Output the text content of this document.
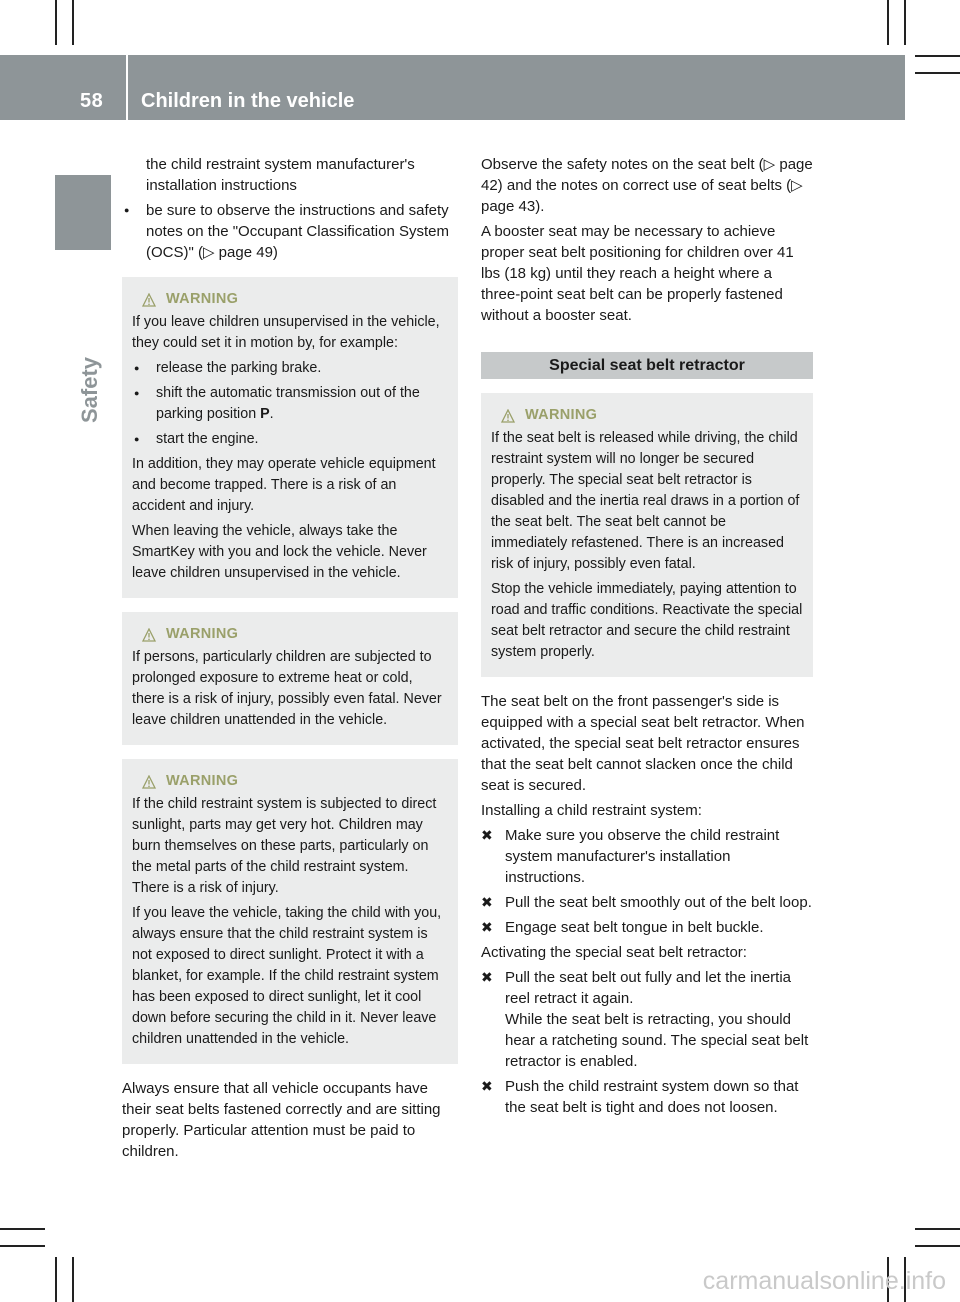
58 Children in the vehicle
Safety

the child restraint system manufacturer's installation instructions

● be sure to observe the instructions and safety notes on the "Occupant Classification System (OCS)" (▷ page 49)

WARNING

If you leave children unsupervised in the vehicle, they could set it in motion by, for example:

● release the parking brake.

● shift the automatic transmission out of the parking position P.

● start the engine.

In addition, they may operate vehicle equipment and become trapped. There is a risk of an accident and injury.

When leaving the vehicle, always take the SmartKey with you and lock the vehicle. Never leave children unsupervised in the vehicle.

WARNING

If persons, particularly children are subjected to prolonged exposure to extreme heat or cold, there is a risk of injury, possibly even fatal. Never leave children unattended in the vehicle.

WARNING

If the child restraint system is subjected to direct sunlight, parts may get very hot. Children may burn themselves on these parts, particularly on the metal parts of the child restraint system. There is a risk of injury.

If you leave the vehicle, taking the child with you, always ensure that the child restraint system is not exposed to direct sunlight. Protect it with a blanket, for example. If the child restraint system has been exposed to direct sunlight, let it cool down before securing the child in it. Never leave children unattended in the vehicle.

Always ensure that all vehicle occupants have their seat belts fastened correctly and are sitting properly. Particular attention must be paid to children.

Observe the safety notes on the seat belt (▷ page 42) and the notes on correct use of seat belts (▷ page 43).

A booster seat may be necessary to achieve proper seat belt positioning for children over 41 lbs (18 kg) until they reach a height where a three-point seat belt can be properly fastened without a booster seat.

Special seat belt retractor
WARNING

If the seat belt is released while driving, the child restraint system will no longer be secured properly. The special seat belt retractor is disabled and the inertia real draws in a portion of the seat belt. The seat belt cannot be immediately refastened. There is an increased risk of injury, possibly even fatal.

Stop the vehicle immediately, paying attention to road and traffic conditions. Reactivate the special seat belt retractor and secure the child restraint system properly.

The seat belt on the front passenger's side is equipped with a special seat belt retractor. When activated, the special seat belt retractor ensures that the seat belt cannot slacken once the child seat is secured.

Installing a child restraint system:

✖ Make sure you observe the child restraint system manufacturer's installation instructions.

✖ Pull the seat belt smoothly out of the belt loop.

✖ Engage seat belt tongue in belt buckle.

Activating the special seat belt retractor:

✖ Pull the seat belt out fully and let the inertia reel retract it again.

While the seat belt is retracting, you should hear a ratcheting sound. The special seat belt retractor is enabled.

✖ Push the child restraint system down so that the seat belt is tight and does not loosen.

carmanualsonline.info
